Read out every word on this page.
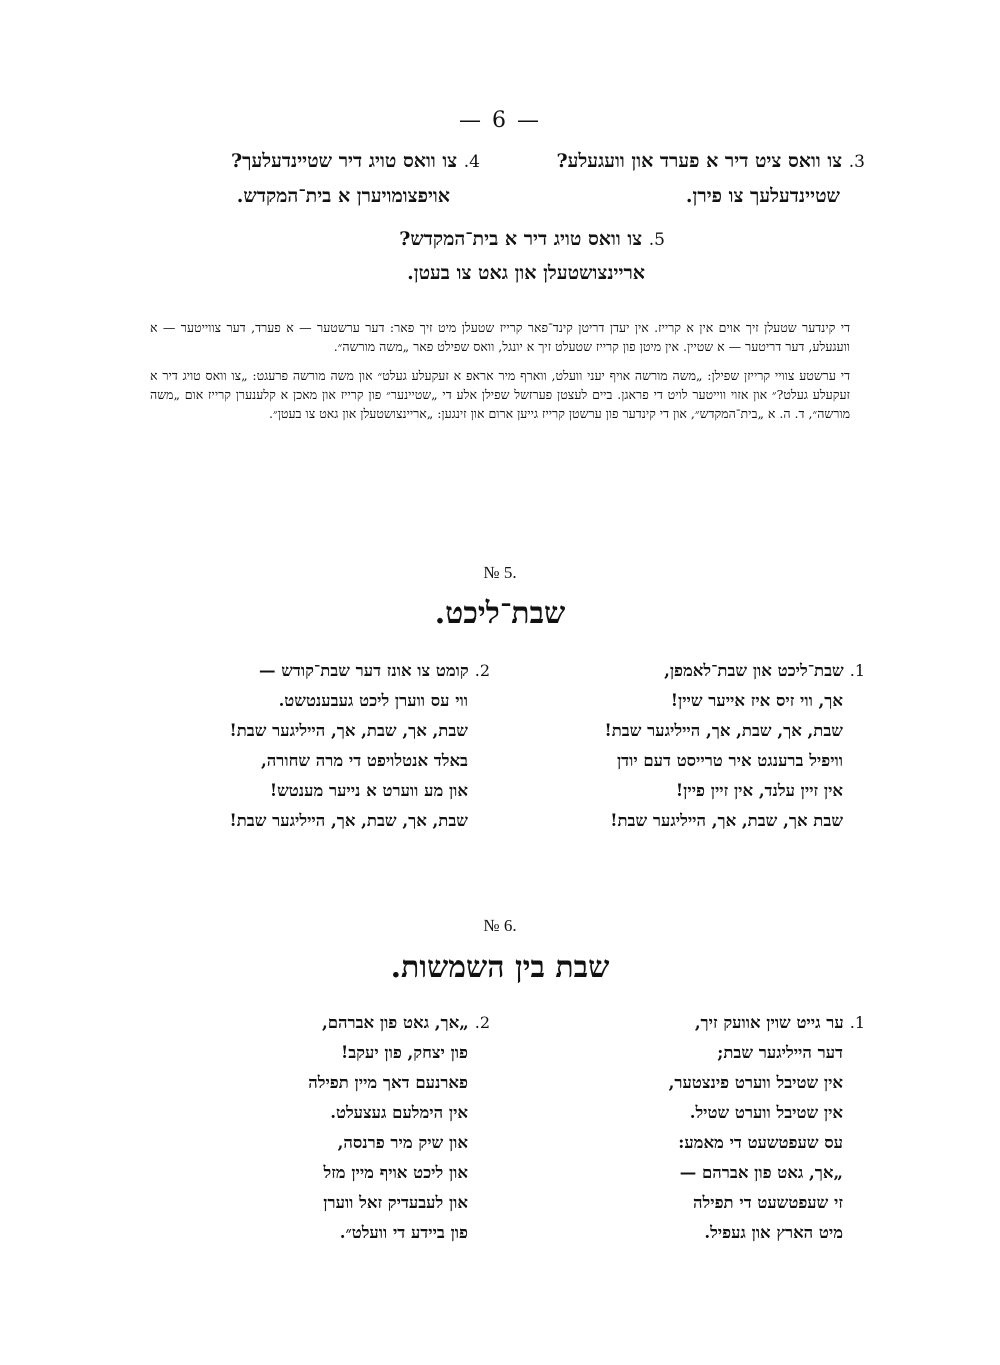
— 6 —
3. צו וואס ציט דיר א פערד און וועגעלע?
שטיינדעלעך צו פירן.
4. צו וואס טויג דיר שטיינדעלעך?
אויפצומויערן א בית־המקדש.
5. צו וואס טויג דיר א בית־המקדש?
אריינצושטעלן און גאט צו בעטן.

די קינדער שטעלן זיך אוים אין א קרייז. אין יעדן דריטן קינד־פאר קרייז שטעלן מיט זיך פאר: דער ערשטער — א פערד, דער צווייטער — א וועגעלע, דער דריטער — א שטיין. אין מיטן פון קרייז שטעלט זיך א יונגל, וואס שפילט פאר „משה מורשה״.

די ערשטע צוויי קרייזן שפילן: „משה מורשה אויף יעני וועלט, ווארף מיר אראפ א זעקעלע געלט״ און משה מורשה פרעגט: „צו וואס טויג דיר א זעקעלע געלט?״ און אזוי ווייטער לויט די פראגן. ביים לעצטן פערזשל שפילן אלע די „שטיינער״ פון קרייז און מאכן א קלענערן קרייז אום „משה מורשה״, ד. ה. א „בית־המקדש״, און די קינדער פון ערשטן קרייז גייען ארום און זינגען: „אריינצושטעלן און גאט צו בעטן״.

№ 5.
שבת־ליכט.
1.שבת־ליכט און שבת־לאמפן,
אך, ווי זיס איז אייער שיין!
שבת, אך, שבת, אך, הייליגער שבת!
וויפיל ברענגט איר טרייסט דעם יודן
אין זיין עלנד, אין זיין פיין!
שבת אך, שבת, אך, הייליגער שבת!
2.קומט צו אונז דער שבת־קודש —
ווי עס ווערן ליכט געבענטשט.
שבת, אך, שבת, אך, הייליגער שבת!
באלד אנטלויפט די מרה שחורה,
און מע ווערט א נייער מענטש!
שבת, אך, שבת, אך, הייליגער שבת!
№ 6.
שבת בין השמשות.
1.ער גייט שוין אוועק זיך,
דער הייליגער שבת;
אין שטיבל ווערט פינצטער,
אין שטיבל ווערט שטיל.
עס שעפטשעט די מאמע:
„אך, גאט פון אברהם —
זי שעפטשעט די תפילה
מיט הארץ און געפיל.
2.„אך, גאט פון אברהם,
פון יצחק, פון יעקב!
פארנעם דאך מיין תפילה
אין הימלעם געצעלט.
און שיק מיר פרנסה,
און ליכט אויף מיין מזל
און לעבעדיק זאל ווערן
פון ביידע די וועלט״.
